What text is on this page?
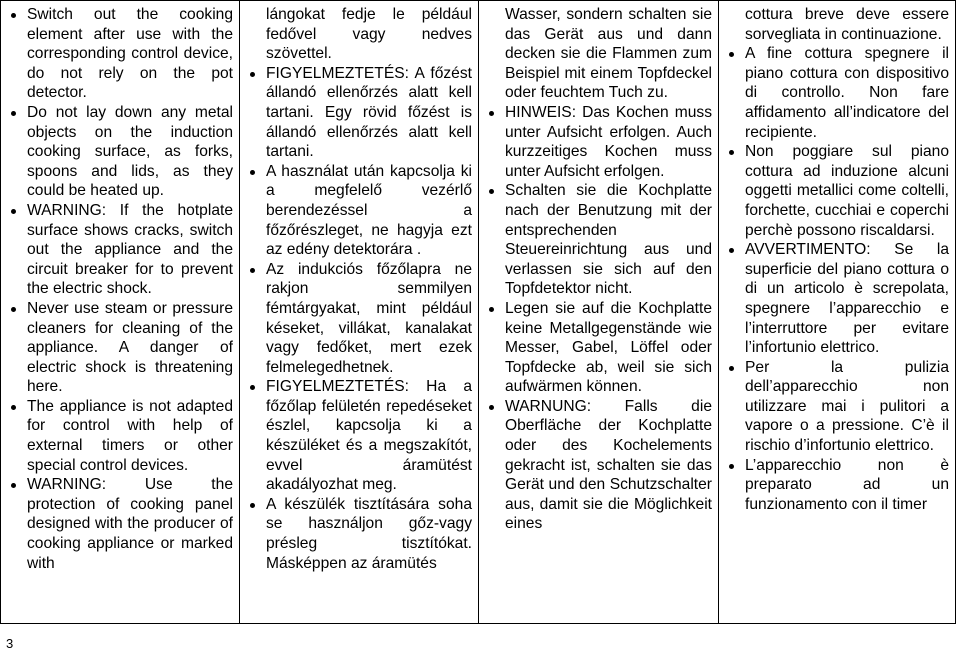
Switch out the cooking element after use with the corresponding control device, do not rely on the pot detector.
Do not lay down any metal objects on the induction cooking surface, as forks, spoons and lids, as they could be heated up.
WARNING: If the hotplate surface shows cracks, switch out the appliance and the circuit breaker for to prevent the electric shock.
Never use steam or pressure cleaners for cleaning of the appliance. A danger of electric shock is threatening here.
The appliance is not adapted for control with help of external timers or other special control devices.
WARNING: Use the protection of cooking panel designed with the producer of cooking appliance or marked with
lángokat fedje le például fedővel vagy nedves szövettel.
FIGYELMEZTETÉS: A főzést állandó ellenőrzés alatt kell tartani. Egy rövid főzést is állandó ellenőrzés alatt kell tartani.
A használat után kapcsolja ki a megfelelő vezérlő berendezéssel a főzőrészleget, ne hagyja ezt az edény detektorára .
Az indukciós főzőlapra ne rakjon semmilyen fémtárgyakat, mint például késeket, villákat, kanalakat vagy fedőket, mert ezek felmelegedhetnek.
FIGYELMEZTETÉS: Ha a főzőlap felületén repedéseket észlel, kapcsolja ki a készüléket és a megszakítót, evvel áramütést akadályozhat meg.
A készülék tisztítására soha se használjon gőz-vagy présleg tisztítókat. Másképpen az áramütés
Wasser, sondern schalten sie das Gerät aus und dann decken sie die Flammen zum Beispiel mit einem Topfdeckel oder feuchtem Tuch zu.
HINWEIS: Das Kochen muss unter Aufsicht erfolgen. Auch kurzzeitiges Kochen muss unter Aufsicht erfolgen.
Schalten sie die Kochplatte nach der Benutzung mit der entsprechenden Steuereinrichtung aus und verlassen sie sich auf den Topfdetektor nicht.
Legen sie auf die Kochplatte keine Metallgegenstände wie Messer, Gabel, Löffel oder Topfdecke ab, weil sie sich aufwärmen können.
WARNUNG: Falls die Oberfläche der Kochplatte oder des Kochelements gekracht ist, schalten sie das Gerät und den Schutzschalter aus, damit sie die Möglichkeit eines
cottura breve deve essere sorvegliata in continuazione.
A fine cottura spegnere il piano cottura con dispositivo di controllo. Non fare affidamento all’indicatore del recipiente.
Non poggiare sul piano cottura ad induzione alcuni oggetti metallici come coltelli, forchette, cucchiai e coperchi perchè possono riscaldarsi.
AVVERTIMENTO: Se la superficie del piano cottura o di un articolo è screpolata, spegnere l’apparecchio e l’interruttore per evitare l’infortunio elettrico.
Per la pulizia dell’apparecchio non utilizzare mai i pulitori a vapore o a pressione. C’è il rischio d’infortunio elettrico.
L’apparecchio non è preparato ad un funzionamento con il timer
3
